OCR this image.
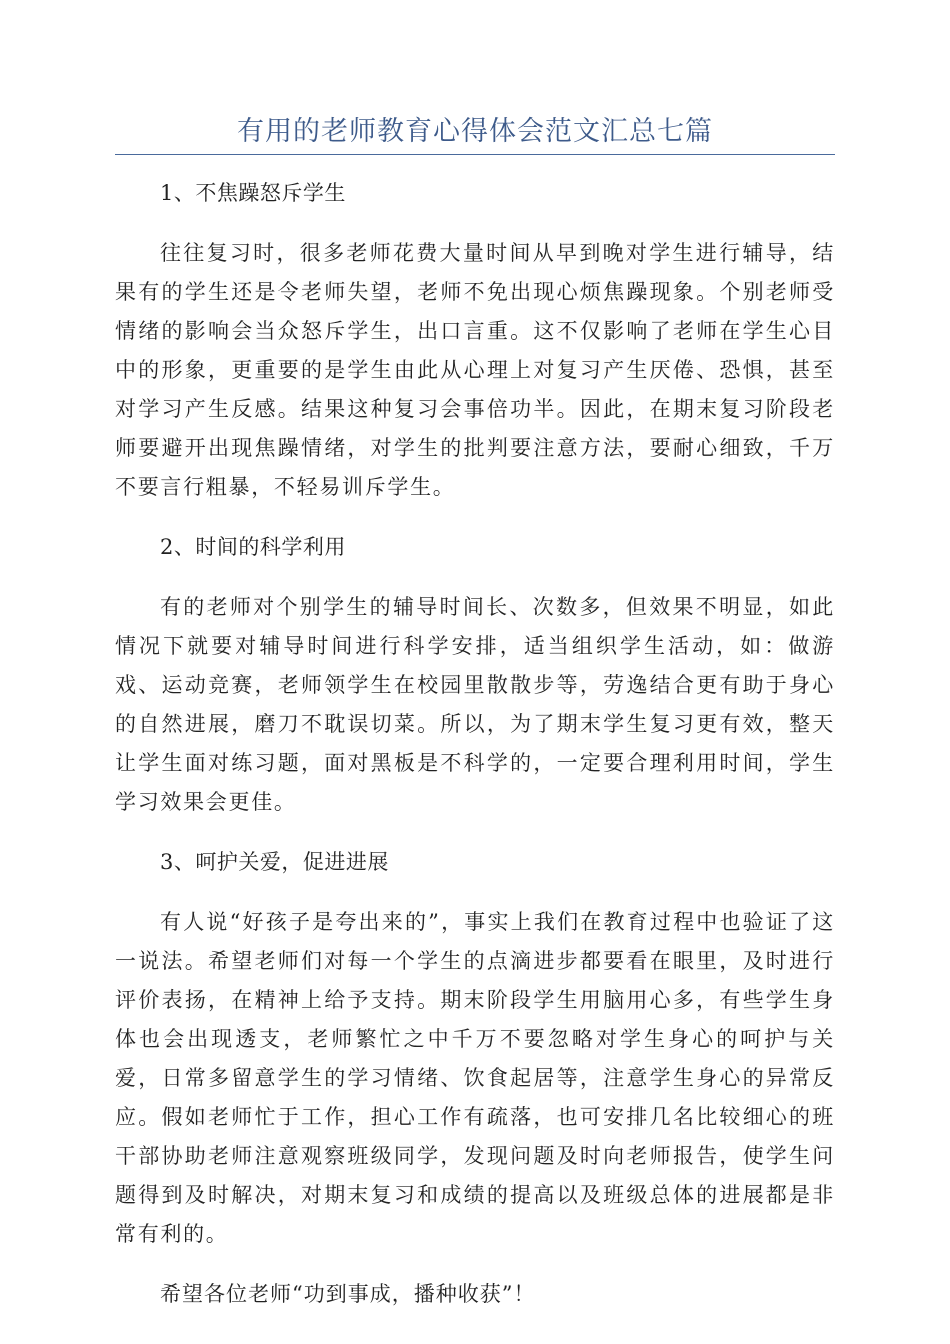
有用的老师教育心得体会范文汇总七篇

1、不焦躁怒斥学生

往往复习时，很多老师花费大量时间从早到晚对学生进行辅导，结果有的学生还是令老师失望，老师不免出现心烦焦躁现象。个别老师受情绪的影响会当众怒斥学生，出口言重。这不仅影响了老师在学生心目中的形象，更重要的是学生由此从心理上对复习产生厌倦、恐惧，甚至对学习产生反感。结果这种复习会事倍功半。因此，在期末复习阶段老师要避开出现焦躁情绪，对学生的批判要注意方法，要耐心细致，千万不要言行粗暴，不轻易训斥学生。

2、时间的科学利用

有的老师对个别学生的辅导时间长、次数多，但效果不明显，如此情况下就要对辅导时间进行科学安排，适当组织学生活动，如：做游戏、运动竞赛，老师领学生在校园里散散步等，劳逸结合更有助于身心的自然进展，磨刀不耽误切菜。所以，为了期末学生复习更有效，整天让学生面对练习题，面对黑板是不科学的，一定要合理利用时间，学生学习效果会更佳。

3、呵护关爱，促进进展

有人说“好孩子是夸出来的”，事实上我们在教育过程中也验证了这一说法。希望老师们对每一个学生的点滴进步都要看在眼里，及时进行评价表扬，在精神上给予支持。期末阶段学生用脑用心多，有些学生身体也会出现透支，老师繁忙之中千万不要忽略对学生身心的呵护与关爱，日常多留意学生的学习情绪、饮食起居等，注意学生身心的异常反应。假如老师忙于工作，担心工作有疏落，也可安排几名比较细心的班干部协助老师注意观察班级同学，发现问题及时向老师报告，使学生问题得到及时解决，对期末复习和成绩的提高以及班级总体的进展都是非常有利的。

希望各位老师“功到事成，播种收获”！
